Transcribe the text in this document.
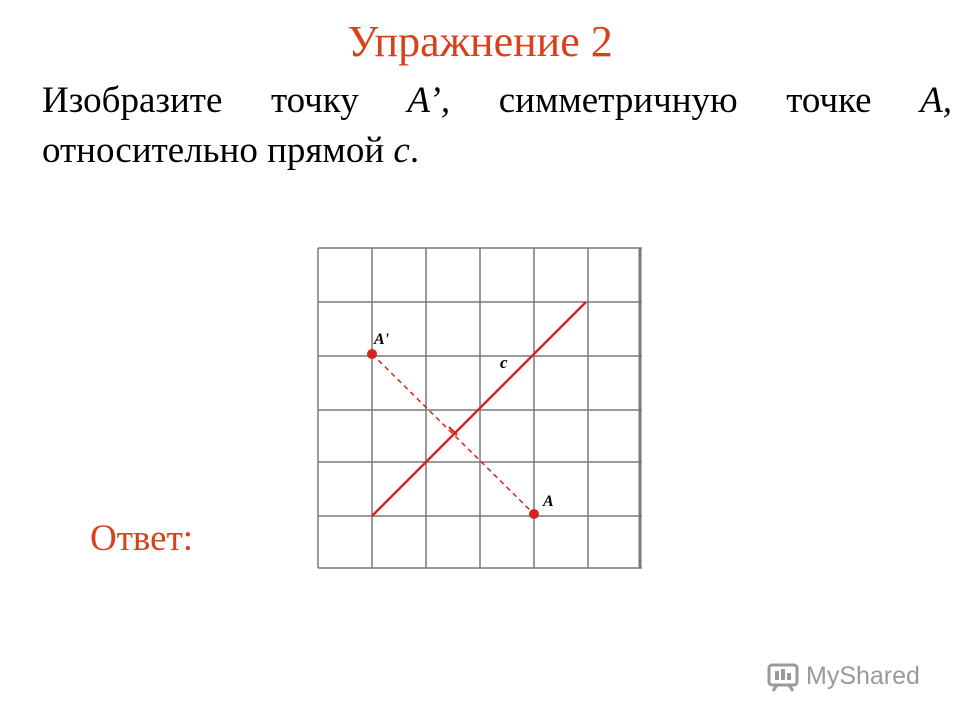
Упражнение 2
Изобразите точку A’, симметричную точке A,
относительно прямой c.
Ответ:
A'
c
A
MyShared
